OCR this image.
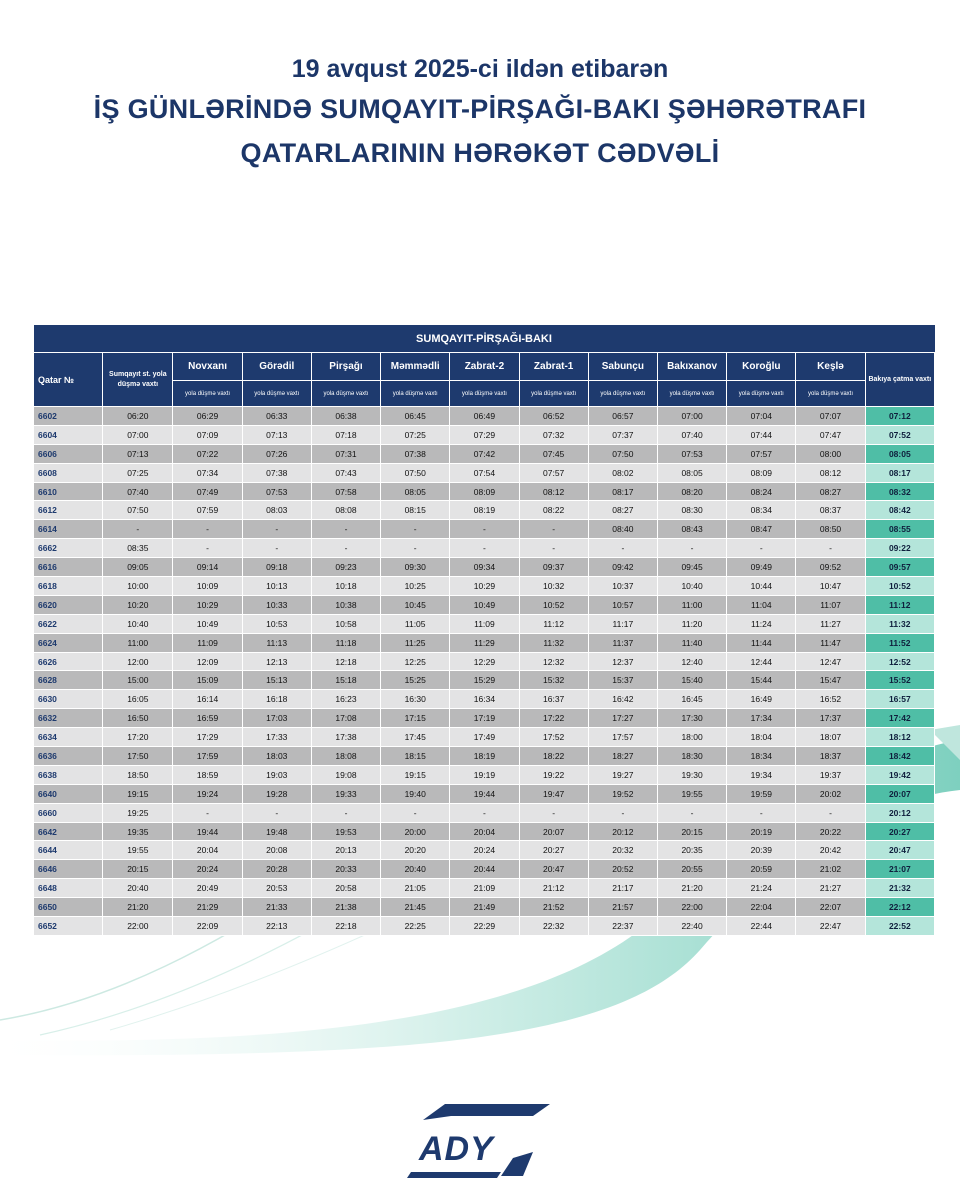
19 avqust 2025-ci ildən etibarən
İŞ GÜNLƏRİNDƏ SUMQAYIT-PİRŞAĞI-BAKI ŞƏHƏRƏTRAFI
QATARLARININ HƏRƏKƏT CƏDVƏLİ
SUMQAYIT-PİRŞAĞI-BAKI												
Qatar №	Sumqayıt st. yola düşmə vaxtı	Novxanı	Görədil	Pirşağı	Məmmədli	Zabrat-2	Zabrat-1	Sabunçu	Bakıxanov	Koroğlu	Keşlə	Bakıya çatma vaxtı
		yola düşmə vaxtı	yola düşmə vaxtı	yola düşmə vaxtı	yola düşmə vaxtı	yola düşmə vaxtı	yola düşmə vaxtı	yola düşmə vaxtı	yola düşmə vaxtı	yola düşmə vaxtı	yola düşmə vaxtı	
6602	06:20	06:29	06:33	06:38	06:45	06:49	06:52	06:57	07:00	07:04	07:07	07:12
6604	07:00	07:09	07:13	07:18	07:25	07:29	07:32	07:37	07:40	07:44	07:47	07:52
6606	07:13	07:22	07:26	07:31	07:38	07:42	07:45	07:50	07:53	07:57	08:00	08:05
6608	07:25	07:34	07:38	07:43	07:50	07:54	07:57	08:02	08:05	08:09	08:12	08:17
6610	07:40	07:49	07:53	07:58	08:05	08:09	08:12	08:17	08:20	08:24	08:27	08:32
6612	07:50	07:59	08:03	08:08	08:15	08:19	08:22	08:27	08:30	08:34	08:37	08:42
6614	-	-	-	-	-	-	-	08:40	08:43	08:47	08:50	08:55
6662	08:35	-	-	-	-	-	-	-	-	-	-	09:22
6616	09:05	09:14	09:18	09:23	09:30	09:34	09:37	09:42	09:45	09:49	09:52	09:57
6618	10:00	10:09	10:13	10:18	10:25	10:29	10:32	10:37	10:40	10:44	10:47	10:52
6620	10:20	10:29	10:33	10:38	10:45	10:49	10:52	10:57	11:00	11:04	11:07	11:12
6622	10:40	10:49	10:53	10:58	11:05	11:09	11:12	11:17	11:20	11:24	11:27	11:32
6624	11:00	11:09	11:13	11:18	11:25	11:29	11:32	11:37	11:40	11:44	11:47	11:52
6626	12:00	12:09	12:13	12:18	12:25	12:29	12:32	12:37	12:40	12:44	12:47	12:52
6628	15:00	15:09	15:13	15:18	15:25	15:29	15:32	15:37	15:40	15:44	15:47	15:52
6630	16:05	16:14	16:18	16:23	16:30	16:34	16:37	16:42	16:45	16:49	16:52	16:57
6632	16:50	16:59	17:03	17:08	17:15	17:19	17:22	17:27	17:30	17:34	17:37	17:42
6634	17:20	17:29	17:33	17:38	17:45	17:49	17:52	17:57	18:00	18:04	18:07	18:12
6636	17:50	17:59	18:03	18:08	18:15	18:19	18:22	18:27	18:30	18:34	18:37	18:42
6638	18:50	18:59	19:03	19:08	19:15	19:19	19:22	19:27	19:30	19:34	19:37	19:42
6640	19:15	19:24	19:28	19:33	19:40	19:44	19:47	19:52	19:55	19:59	20:02	20:07
6660	19:25	-	-	-	-	-	-	-	-	-	-	20:12
6642	19:35	19:44	19:48	19:53	20:00	20:04	20:07	20:12	20:15	20:19	20:22	20:27
6644	19:55	20:04	20:08	20:13	20:20	20:24	20:27	20:32	20:35	20:39	20:42	20:47
6646	20:15	20:24	20:28	20:33	20:40	20:44	20:47	20:52	20:55	20:59	21:02	21:07
6648	20:40	20:49	20:53	20:58	21:05	21:09	21:12	21:17	21:20	21:24	21:27	21:32
6650	21:20	21:29	21:33	21:38	21:45	21:49	21:52	21:57	22:00	22:04	22:07	22:12
6652	22:00	22:09	22:13	22:18	22:25	22:29	22:32	22:37	22:40	22:44	22:47	22:52
ADY
